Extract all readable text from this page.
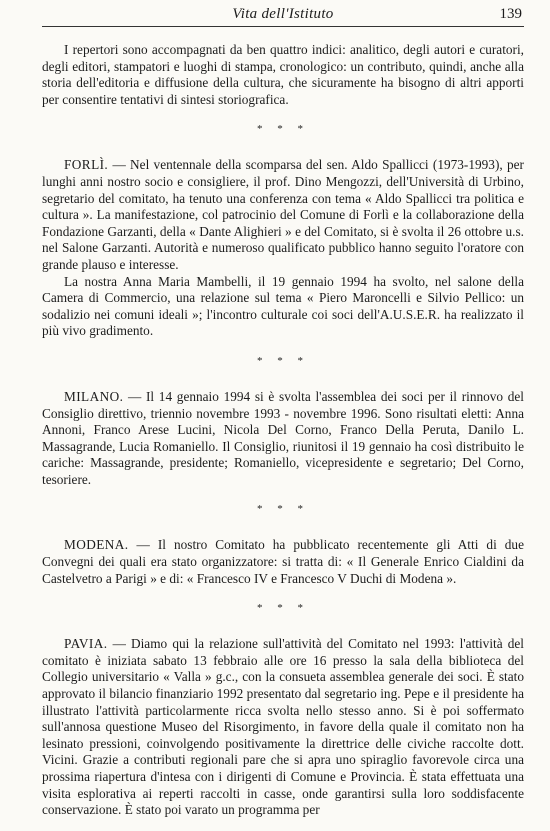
Vita dell'Istituto	139

I repertori sono accompagnati da ben quattro indici: analitico, degli autori e curatori, degli editori, stampatori e luoghi di stampa, cronologico: un contributo, quindi, anche alla storia dell'editoria e diffusione della cultura, che sicuramente ha bisogno di altri apporti per consentire tentativi di sintesi storiografica.

* * *

FORLÌ. — Nel ventennale della scomparsa del sen. Aldo Spallicci (1973-1993), per lunghi anni nostro socio e consigliere, il prof. Dino Mengozzi, dell'Università di Urbino, segretario del comitato, ha tenuto una conferenza con tema « Aldo Spallicci tra politica e cultura ». La manifestazione, col patrocinio del Comune di Forlì e la collaborazione della Fondazione Garzanti, della « Dante Alighieri » e del Comitato, si è svolta il 26 ottobre u.s. nel Salone Garzanti. Autorità e numeroso qualificato pubblico hanno seguito l'oratore con grande plauso e interesse.

La nostra Anna Maria Mambelli, il 19 gennaio 1994 ha svolto, nel salone della Camera di Commercio, una relazione sul tema « Piero Maroncelli e Silvio Pellico: un sodalizio nei comuni ideali »; l'incontro culturale coi soci dell'A.U.S.E.R. ha realizzato il più vivo gradimento.

* * *

MILANO. — Il 14 gennaio 1994 si è svolta l'assemblea dei soci per il rinnovo del Consiglio direttivo, triennio novembre 1993 - novembre 1996. Sono risultati eletti: Anna Annoni, Franco Arese Lucini, Nicola Del Corno, Franco Della Peruta, Danilo L. Massagrande, Lucia Romaniello. Il Consiglio, riunitosi il 19 gennaio ha così distribuito le cariche: Massagrande, presidente; Romaniello, vicepresidente e segretario; Del Corno, tesoriere.

* * *

MODENA. — Il nostro Comitato ha pubblicato recentemente gli Atti di due Convegni dei quali era stato organizzatore: si tratta di: « Il Generale Enrico Cialdini da Castelvetro a Parigi » e di: « Francesco IV e Francesco V Duchi di Modena ».

* * *

PAVIA. — Diamo qui la relazione sull'attività del Comitato nel 1993: l'attività del comitato è iniziata sabato 13 febbraio alle ore 16 presso la sala della biblioteca del Collegio universitario « Valla » g.c., con la consueta assemblea generale dei soci. È stato approvato il bilancio finanziario 1992 presentato dal segretario ing. Pepe e il presidente ha illustrato l'attività particolarmente ricca svolta nello stesso anno. Si è poi soffermato sull'annosa questione Museo del Risorgimento, in favore della quale il comitato non ha lesinato pressioni, coinvolgendo positivamente la direttrice delle civiche raccolte dott. Vicini. Grazie a contributi regionali pare che si apra uno spiraglio favorevole circa una prossima riapertura d'intesa con i dirigenti di Comune e Provincia. È stata effettuata una visita esplorativa ai reperti raccolti in casse, onde garantirsi sulla loro soddisfacente conservazione. È stato poi varato un programma per
